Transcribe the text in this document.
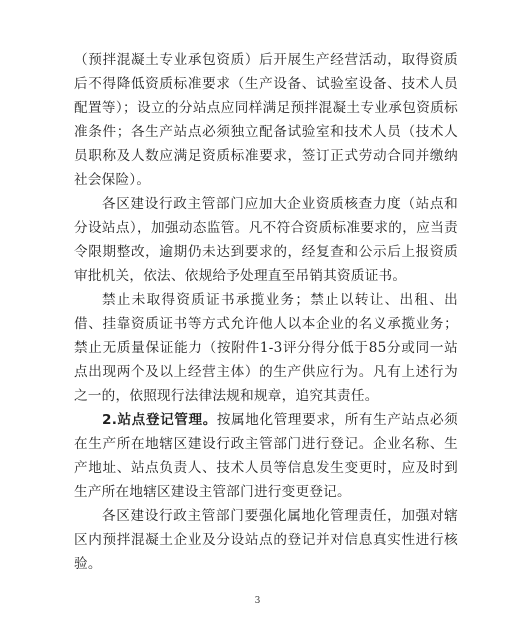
（预拌混凝土专业承包资质）后开展生产经营活动，取得资质后不得降低资质标准要求（生产设备、试验室设备、技术人员配置等）；设立的分站点应同样满足预拌混凝土专业承包资质标准条件；各生产站点必须独立配备试验室和技术人员（技术人员职称及人数应满足资质标准要求，签订正式劳动合同并缴纳社会保险）。

各区建设行政主管部门应加大企业资质核查力度（站点和分设站点），加强动态监管。凡不符合资质标准要求的，应当责令限期整改，逾期仍未达到要求的，经复查和公示后上报资质审批机关，依法、依规给予处理直至吊销其资质证书。

禁止未取得资质证书承揽业务；禁止以转让、出租、出借、挂靠资质证书等方式允许他人以本企业的名义承揽业务；禁止无质量保证能力（按附件1-3评分得分低于85分或同一站点出现两个及以上经营主体）的生产供应行为。凡有上述行为之一的，依照现行法律法规和规章，追究其责任。

2.站点登记管理。按属地化管理要求，所有生产站点必须在生产所在地辖区建设行政主管部门进行登记。企业名称、生产地址、站点负责人、技术人员等信息发生变更时，应及时到生产所在地辖区建设主管部门进行变更登记。

各区建设行政主管部门要强化属地化管理责任，加强对辖区内预拌混凝土企业及分设站点的登记并对信息真实性进行核验。

3
